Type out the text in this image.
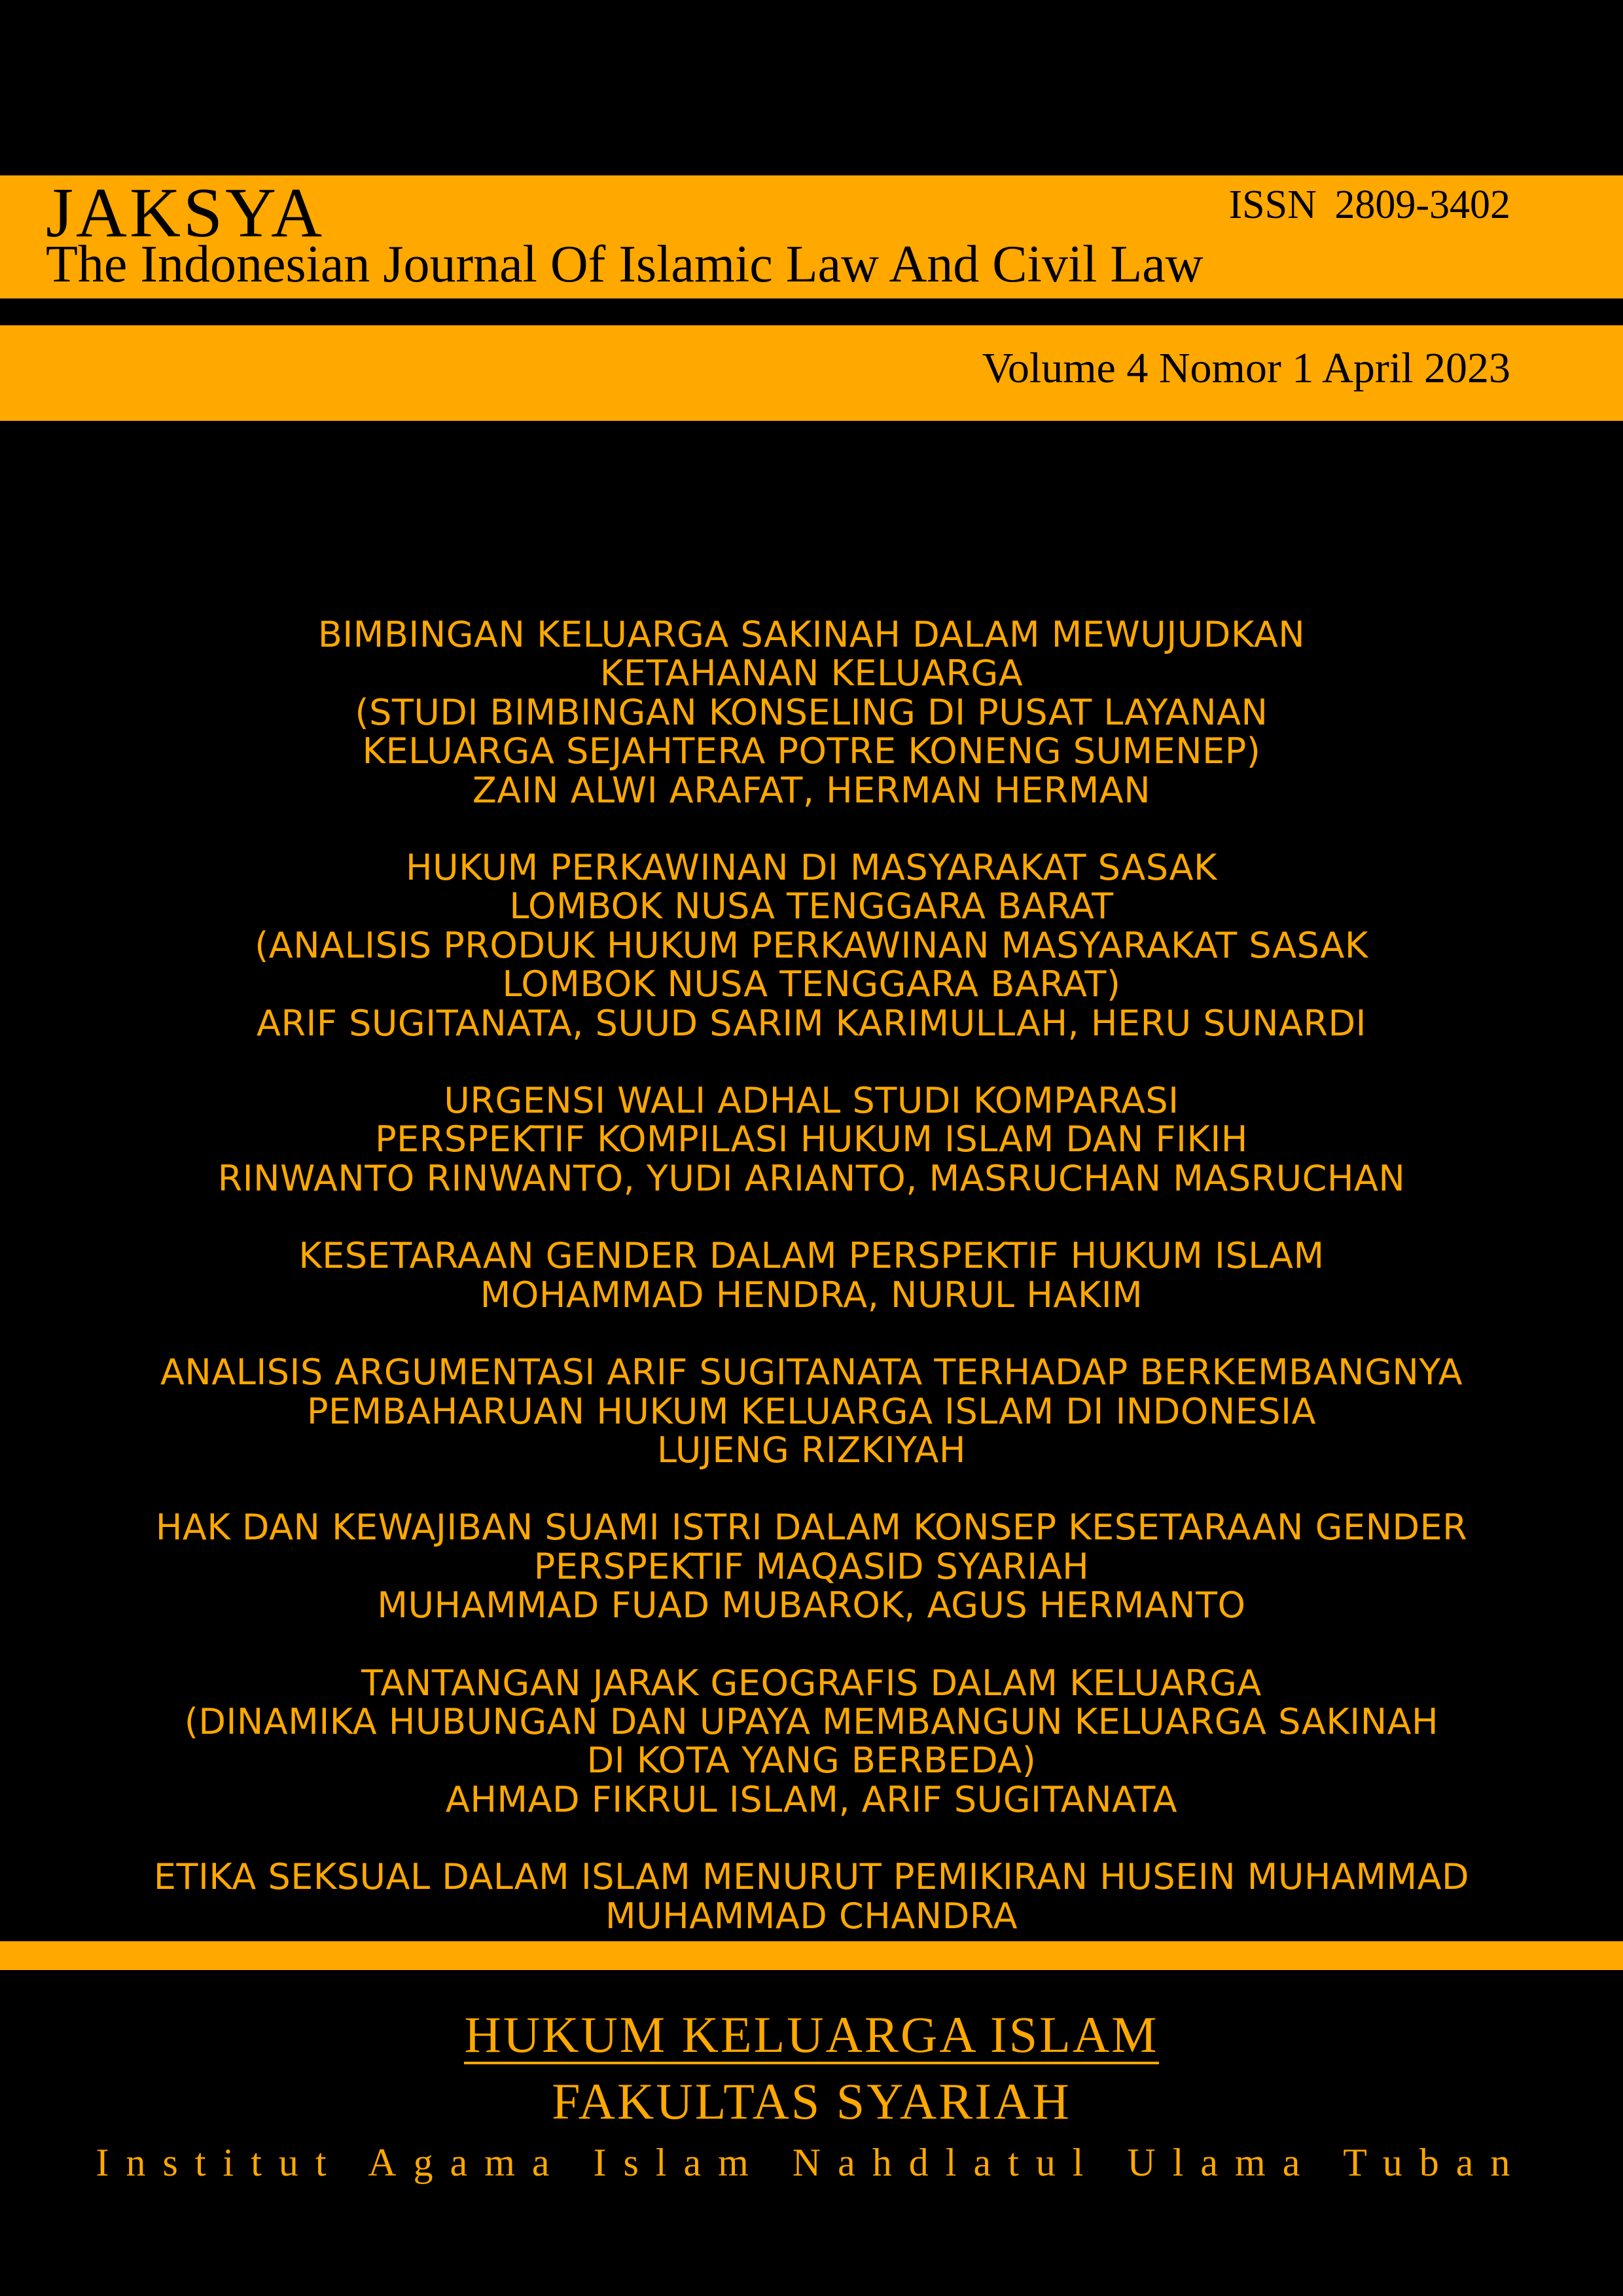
JAKSYA

The Indonesian Journal Of Islamic Law And Civil Law

ISSN 2809-3402
Volume 4 Nomor 1 April 2023
BIMBINGAN KELUARGA SAKINAH DALAM MEWUJUDKAN
KETAHANAN KELUARGA
(STUDI BIMBINGAN KONSELING DI PUSAT LAYANAN
KELUARGA SEJAHTERA POTRE KONENG SUMENEP)
ZAIN ALWI ARAFAT, HERMAN HERMAN
HUKUM PERKAWINAN DI MASYARAKAT SASAK
LOMBOK NUSA TENGGARA BARAT
(ANALISIS PRODUK HUKUM PERKAWINAN MASYARAKAT SASAK
LOMBOK NUSA TENGGARA BARAT)
ARIF SUGITANATA, SUUD SARIM KARIMULLAH, HERU SUNARDI
URGENSI WALI ADHAL STUDI KOMPARASI
PERSPEKTIF KOMPILASI HUKUM ISLAM DAN FIKIH
RINWANTO RINWANTO, YUDI ARIANTO, MASRUCHAN MASRUCHAN
KESETARAAN GENDER DALAM PERSPEKTIF HUKUM ISLAM
MOHAMMAD HENDRA, NURUL HAKIM
ANALISIS ARGUMENTASI ARIF SUGITANATA TERHADAP BERKEMBANGNYA
PEMBAHARUAN HUKUM KELUARGA ISLAM DI INDONESIA
LUJENG RIZKIYAH
HAK DAN KEWAJIBAN SUAMI ISTRI DALAM KONSEP KESETARAAN GENDER
PERSPEKTIF MAQASID SYARIAH
MUHAMMAD FUAD MUBAROK, AGUS HERMANTO
TANTANGAN JARAK GEOGRAFIS DALAM KELUARGA
(DINAMIKA HUBUNGAN DAN UPAYA MEMBANGUN KELUARGA SAKINAH
DI KOTA YANG BERBEDA)
AHMAD FIKRUL ISLAM, ARIF SUGITANATA
ETIKA SEKSUAL DALAM ISLAM MENURUT PEMIKIRAN HUSEIN MUHAMMAD
MUHAMMAD CHANDRA
HUKUM KELUARGA ISLAM
FAKULTAS SYARIAH
Institut Agama Islam Nahdlatul Ulama Tuban
